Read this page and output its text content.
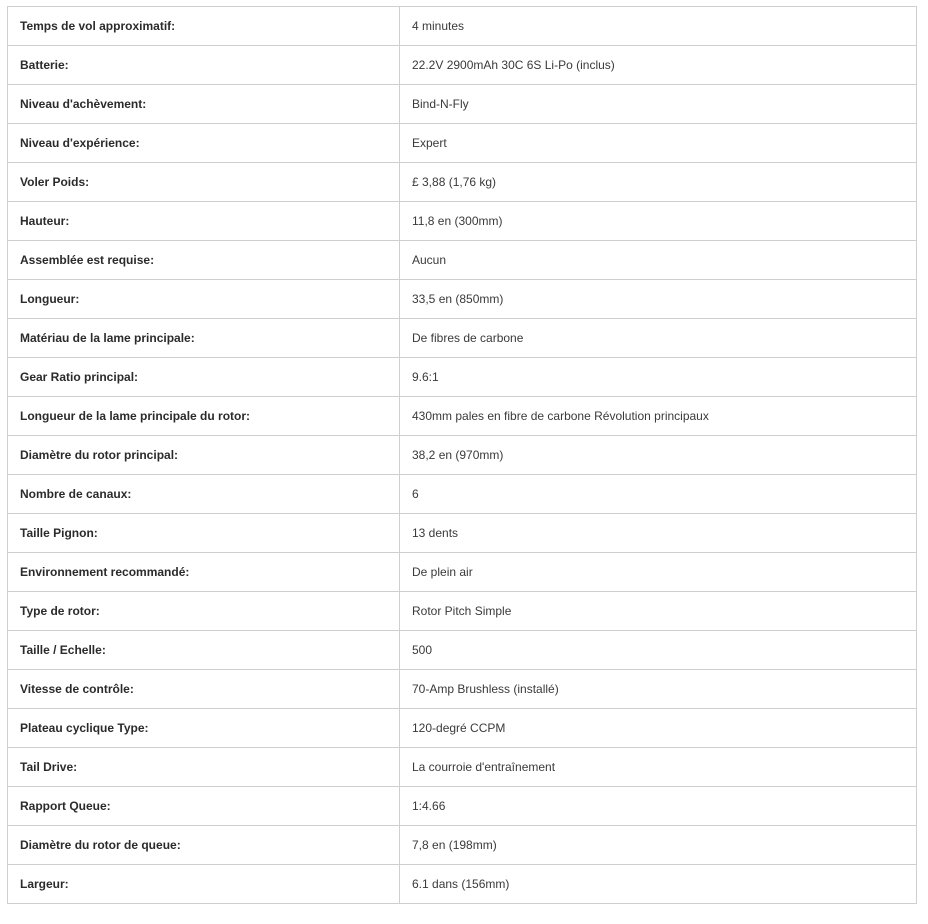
Temps de vol approximatif:	4 minutes
Batterie:	22.2V 2900mAh 30C 6S Li-Po (inclus)
Niveau d'achèvement:	Bind-N-Fly
Niveau d'expérience:	Expert
Voler Poids:	£ 3,88 (1,76 kg)
Hauteur:	11,8 en (300mm)
Assemblée est requise:	Aucun
Longueur:	33,5 en (850mm)
Matériau de la lame principale:	De fibres de carbone
Gear Ratio principal:	9.6:1
Longueur de la lame principale du rotor:	430mm pales en fibre de carbone Révolution principaux
Diamètre du rotor principal:	38,2 en (970mm)
Nombre de canaux:	6
Taille Pignon:	13 dents
Environnement recommandé:	De plein air
Type de rotor:	Rotor Pitch Simple
Taille / Echelle:	500
Vitesse de contrôle:	70-Amp Brushless (installé)
Plateau cyclique Type:	120-degré CCPM
Tail Drive:	La courroie d'entraînement
Rapport Queue:	1:4.66
Diamètre du rotor de queue:	7,8 en (198mm)
Largeur:	6.1 dans (156mm)
